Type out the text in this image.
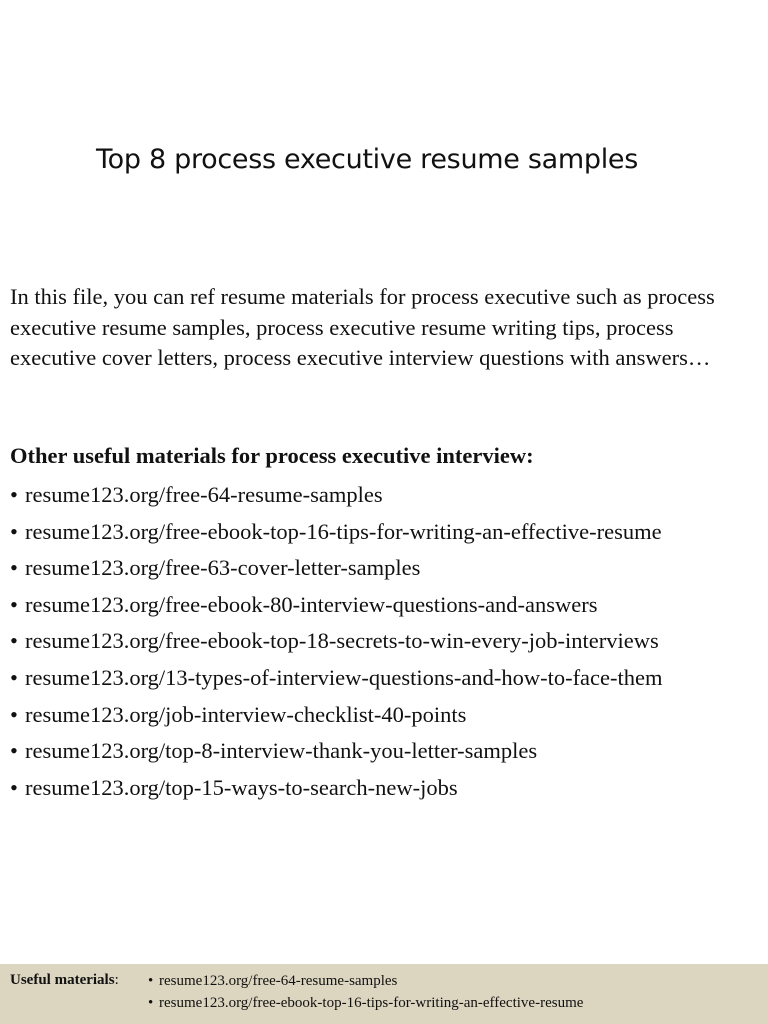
Top 8 process executive resume samples

In this file, you can ref resume materials for process executive such as process executive resume samples, process executive resume writing tips, process executive cover letters, process executive interview questions with answers…

Other useful materials for process executive interview:

• resume123.org/free-64-resume-samples
• resume123.org/free-ebook-top-16-tips-for-writing-an-effective-resume
• resume123.org/free-63-cover-letter-samples
• resume123.org/free-ebook-80-interview-questions-and-answers
• resume123.org/free-ebook-top-18-secrets-to-win-every-job-interviews
• resume123.org/13-types-of-interview-questions-and-how-to-face-them
• resume123.org/job-interview-checklist-40-points
• resume123.org/top-8-interview-thank-you-letter-samples
• resume123.org/top-15-ways-to-search-new-jobs
Useful materials: • resume123.org/free-64-resume-samples
• resume123.org/free-ebook-top-16-tips-for-writing-an-effective-resume
